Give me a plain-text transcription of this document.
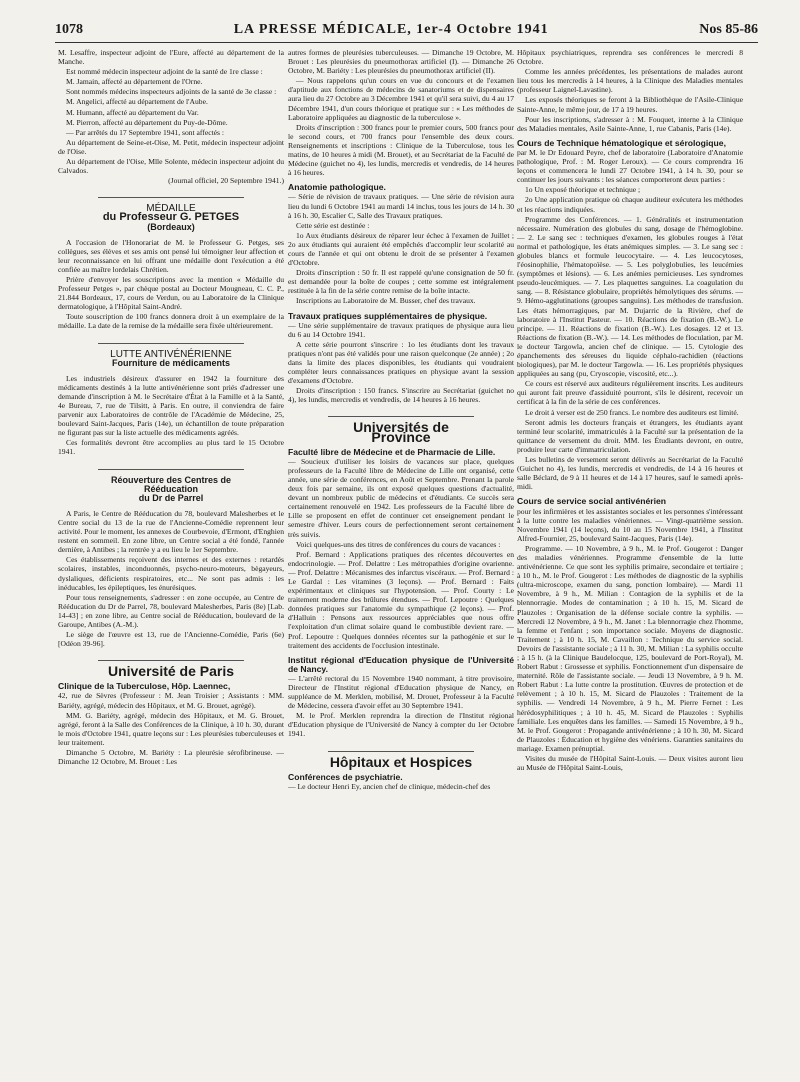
1078	LA PRESSE MÉDICALE, 1er-4 Octobre 1941	Nos 85-86

M. Lesaffre, inspecteur adjoint de l'Eure, affecté au département de la Manche.

Est nommé médecin inspecteur adjoint de la santé de 1re classe :

M. Jamain, affecté au département de l'Orne.

Sont nommés médecins inspecteurs adjoints de la santé de 3e classe :

M. Angelici, affecté au département de l'Aube.

M. Humann, affecté au département du Var.

M. Pierron, affecté au département du Puy-de-Dôme.

— Par arrêtés du 17 Septembre 1941, sont affectés :

Au département de Seine-et-Oise, M. Petit, médecin inspecteur adjoint de l'Oise.

Au département de l'Oise, Mlle Solente, médecin inspecteur adjoint du Calvados.

(Journal officiel, 20 Septembre 1941.)

MÉDAILLE
du Professeur G. PETGES
(Bordeaux)

A l'occasion de l'Honorariat de M. le Professeur G. Petges, ses collègues, ses élèves et ses amis ont pensé lui témoigner leur affection et leur reconnaissance en lui offrant une médaille dont l'exécution a été confiée au maître lordelais Chrétien.

Prière d'envoyer les souscriptions avec la mention « Médaille du Professeur Petges », par chèque postal au Docteur Mougneau, C. C. P., 21.844 Bordeaux, 17, cours de Verdun, ou au Laboratoire de la Clinique dermatologique, à l'Hôpital Saint-André.

Toute souscription de 100 francs donnera droit à un exemplaire de la médaille. La date de la remise de la médaille sera fixée ultérieurement.

LUTTE ANTIVÉNÉRIENNE
Fourniture de médicaments

Les industriels désireux d'assurer en 1942 la fourniture des médicaments destinés à la lutte antivénérienne sont priés d'adresser une demande d'inscription à M. le Secrétaire d'État à la Famille et à la Santé, 4e Bureau, 7, rue de Tilsitt, à Paris. En outre, il conviendra de faire parvenir aux Laboratoires de contrôle de l'Académie de Médecine, 25, boulevard Saint-Jacques, Paris (14e), un échantillon de toute préparation ne figurant pas sur la liste actuelle des médicaments agréés.

Ces formalités devront être accomplies au plus tard le 15 Octobre 1941.

Réouverture des Centres de Rééducation
du Dr de Parrel

A Paris, le Centre de Rééducation du 78, boulevard Malesherbes et le Centre social du 13 de la rue de l'Ancienne-Comédie reprennent leur activité. Pour le moment, les annexes de Courbevoie, d'Ermont, d'Enghien restent en sommeil. En zone libre, un Centre social a été fondé, l'année dernière, à Antibes ; la rentrée y a eu lieu le 1er Septembre.

Ces établissements reçoivent des internes et des externes : retardés scolaires, instables, inconduonnés, psycho-neuro-moteurs, bègayeurs, dyslaliques, déficients respiratoires, etc... Ne sont pas admis : les inéducables, les épileptiques, les énurésiques.

Pour tous renseignements, s'adresser : en zone occupée, au Centre de Rééducation du Dr de Parrel, 78, boulevard Malesherbes, Paris (8e) [Lab. 14-43] ; en zone libre, au Centre social de Rééducation, boulevard de la Garoupe, Antibes (A.-M.).

Le siège de l'œuvre est 13, rue de l'Ancienne-Comédie, Paris (6e) [Odéon 39-96].

Université de Paris
Clinique de la Tuberculose, Hôp. Laennec,

42, rue de Sèvres (Professeur : M. Jean Troisier ; Assistants : MM. Bariéty, agrégé, médecin des Hôpitaux, et M. G. Brouet, agrégé).

MM. G. Bariéty, agrégé, médecin des Hôpitaux, et M. G. Brouet, agrégé, feront à la Salle des Conférences de la Clinique, à 10 h. 30, durant le mois d'Octobre 1941, quatre leçons sur : Les pleurésies tuberculeuses et leur traitement.

Dimanche 5 Octobre, M. Bariéty : La pleurésie sérofibrineuse. — Dimanche 12 Octobre, M. Brouet : Les

autres formes de pleurésies tuberculeuses. — Dimanche 19 Octobre, M. Brouet : Les pleurésies du pneumothorax artificiel (I). — Dimanche 26 Octobre, M. Bariéty : Les pleurésies du pneumothorax artificiel (II).

— Nous rappelons qu'un cours en vue du concours et de l'examen d'aptitude aux fonctions de médecins de sanatoriums et de dispensaires aura lieu du 27 Octobre au 3 Décembre 1941 et qu'il sera suivi, du 4 au 17 Décembre 1941, d'un cours théorique et pratique sur : « Les méthodes de Laboratoire appliquées au diagnostic de la tuberculose ».

Droits d'inscription : 300 francs pour le premier cours, 500 francs pour le second cours, et 700 francs pour l'ensemble des deux cours. Renseignements et inscriptions : Clinique de la Tuberculose, tous les matins, de 10 heures à midi (M. Brouet), et au Secrétariat de la Faculté de Médecine (guichet no 4), les lundis, mercredis et vendredis, de 14 heures à 16 heures.

Anatomie pathologique.

— Série de révision de travaux pratiques. — Une série de révision aura lieu du lundi 6 Octobre 1941 au mardi 14 inclus, tous les jours de 14 h. 30 à 16 h. 30, Escalier C, Salle des Travaux pratiques.

Cette série est destinée :

1o Aux étudiants désireux de réparer leur échec à l'examen de Juillet ; 2o aux étudiants qui auraient été empêchés d'accomplir leur scolarité au cours de l'année et qui ont obtenu le droit de se présenter à l'examen d'Octobre.

Droits d'inscription : 50 fr. Il est rappelé qu'une consignation de 50 fr. est demandée pour la boîte de coupes ; cette somme est intégralement restituée à la fin de la série contre remise de la boîte intacte.

Inscriptions au Laboratoire de M. Busser, chef des travaux.

Travaux pratiques supplémentaires de physique.

— Une série supplémentaire de travaux pratiques de physique aura lieu du 6 au 14 Octobre 1941.

A cette série pourront s'inscrire : 1o les étudiants dont les travaux pratiques n'ont pas été validés pour une raison quelconque (2e année) ; 2o dans la limite des places disponibles, les étudiants qui voudraient compléter leurs connaissances pratiques en physique avant la session d'examens d'Octobre.

Droits d'inscription : 150 francs. S'inscrire au Secrétariat (guichet no 4), les lundis, mercredis et vendredis, de 14 heures à 16 heures.

Universités de Province
Faculté libre de Médecine et de Pharmacie de Lille.

— Soucieux d'utiliser les loisirs de vacances sur place, quelques professeurs de la Faculté libre de Médecine de Lille ont organisé, cette année, une série de conférences, en Août et Septembre. Prenant la parole deux fois par semaine, ils ont exposé quelques questions d'actualité, devant un nombreux public de médecins et d'étudiants. Ce succès sera certainement renouvelé en 1942. Les professeurs de la Faculté libre de Lille se proposent en effet de continuer cet enseignement pendant le semestre d'hiver. Leurs cours de perfectionnement seront certainement très suivis.

Voici quelques-uns des titres de conférences du cours de vacances :

Prof. Bernard : Applications pratiques des récentes découvertes en endocrinologie. — Prof. Delattre : Les métropathies d'origine ovarienne. — Prof. Delattre : Mécanismes des infarctus viscéraux. — Prof. Bernard : Le Gardal : Les vitamines (3 leçons). — Prof. Bernard : Faits expérimentaux et cliniques sur l'hypotension. — Prof. Courty : Le traitement moderne des brûlures étendues. — Prof. Lepoutre : Quelques données pratiques sur l'anatomie du sympathique (2 leçons). — Prof. d'Halluin : Pensons aux ressources appréciables que nous offre l'exploitation d'un climat solaire quand le combustible devient rare. — Prof. Lepoutre : Quelques données récentes sur la pathogénie et sur le traitement des accidents de l'occlusion intestinale.

Institut régional d'Education physique de l'Université de Nancy.

— L'arrêté rectoral du 15 Novembre 1940 nommant, à titre provisoire, Directeur de l'Institut régional d'Education physique de Nancy, en suppléance de M. Merklen, mobilisé, M. Drouet, Professeur à la Faculté de Médecine, cessera d'avoir effet au 30 Septembre 1941.

M. le Prof. Merklen reprendra la direction de l'Institut régional d'Education physique de l'Université de Nancy à compter du 1er Octobre 1941.

Hôpitaux et Hospices
Conférences de psychiatrie.

— Le docteur Henri Ey, ancien chef de clinique, médecin-chef des

Hôpitaux psychiatriques, reprendra ses conférences le mercredi 8 Octobre.

Comme les années précédentes, les présentations de malades auront lieu tous les mercredis à 14 heures, à la Clinique des Maladies mentales (professeur Laignel-Lavastine).

Les exposés théoriques se feront à la Bibliothèque de l'Asile-Clinique Sainte-Anne, le même jour, de 17 à 19 heures.

Pour les inscriptions, s'adresser à : M. Fouquet, interne à la Clinique des Maladies mentales, Asile Sainte-Anne, 1, rue Cabanis, Paris (14e).

Cours de Technique hématologique et sérologique,

par M. le Dr Edouard Peyre, chef de laboratoire (Laboratoire d'Anatomie pathologique, Prof. : M. Roger Leroux). — Ce cours comprendra 16 leçons et commencera le lundi 27 Octobre 1941, à 14 h. 30, pour se continuer les jours suivants : les séances comporteront deux parties :

1o Un exposé théorique et technique ;

2o Une application pratique où chaque auditeur exécutera les méthodes et les réactions indiquées.

Programme des Conférences. — 1. Généralités et instrumentation nécessaire. Numération des globules du sang, dosage de l'hémoglobine. — 2. Le sang sec : techniques d'examen, les globules rouges à l'état normal et pathologique, les états anémiques simples. — 3. Le sang sec : globules blancs et formule leucocytaire. — 4. Les leucocytoses, l'éosinophilie, l'hématopoïèse. — 5. Les polyglobulies, les leucémies (symptômes et lésions). — 6. Les anémies pernicieuses. Les syndromes pseudo-leucémiques. — 7. Les plaquettes sanguines. La coagulation du sang. — 8. Résistance globulaire, propriétés hémolytiques des sérums. — 9. Hémo-agglutinations (groupes sanguins). Les méthodes de transfusion. Les états hémorragiques, par M. Dujarric de la Rivière, chef de laboratoire à l'Institut Pasteur. — 10. Réactions de fixation (B.-W.). Le principe. — 11. Réactions de fixation (B.-W.). Les dosages. 12 et 13. Réactions de fixation (B.-W.). — 14. Les méthodes de floculation, par M. le docteur Targowla, ancien chef de clinique. — 15. Cytologie des épanchements des séreuses du liquide céphalo-rachidien (réactions biologiques), par M. le docteur Targowla. — 16. Les propriétés physiques appliquées au sang (pu, Cryoscopie, viscosité, etc...).

Ce cours est réservé aux auditeurs régulièrement inscrits. Les auditeurs qui auront fait preuve d'assiduité pourront, s'ils le désirent, recevoir un certificat à la fin de la série de ces conférences.

Le droit à verser est de 250 francs. Le nombre des auditeurs est limité.

Seront admis les docteurs français et étrangers, les étudiants ayant terminé leur scolarité, immatriculés à la Faculté sur la présentation de la quittance de versement du droit. MM. les Étudiants devront, en outre, produire leur carte d'immatriculation.

Les bulletins de versement seront délivrés au Secrétariat de la Faculté (Guichet no 4), les lundis, mercredis et vendredis, de 14 à 16 heures et salle Béclard, de 9 à 11 heures et de 14 à 17 heures, sauf le samedi après-midi.

Cours de service social antivénérien

pour les infirmières et les assistantes sociales et les personnes s'intéressant à la lutte contre les maladies vénériennes. — Vingt-quatrième session. Novembre 1941 (14 leçons), du 10 au 15 Novembre 1941, à l'Institut Alfred-Fournier, 25, boulevard Saint-Jacques, Paris (14e).

Programme. — 10 Novembre, à 9 h., M. le Prof. Gougerot : Danger des maladies vénériennes. Programme d'ensemble de la lutte antivénérienne. Ce que sont les syphilis primaire, secondaire et tertiaire ; à 10 h., M. le Prof. Gougerot : Les méthodes de diagnostic de la syphilis (ultra-microscope, examen du sang, ponction lombaire). — Mardi 11 Novembre, à 9 h., M. Milian : Contagion de la syphilis et de la blennorragie. Modes de contamination ; à 10 h. 15, M. Sicard de Plauzoles : Organisation de la défense sociale contre la syphilis. — Mercredi 12 Novembre, à 9 h., M. Janet : La blennorragie chez l'homme, la femme et l'enfant ; son importance sociale. Moyens de diagnostic. Traitement ; à 10 h. 15, M. Cavaillon : Technique du service social. Devoirs de l'assistante sociale ; à 11 h. 30, M. Milian : La syphilis occulte ; à 15 h. (à la Clinique Baudelocque, 125, boulevard de Port-Royal), M. Robert Rabut : Grossesse et syphilis. Fonctionnement d'un dispensaire de maternité. Rôle de l'assistante sociale. — Jeudi 13 Novembre, à 9 h. M. Robert Rabut : La lutte contre la prostitution. Œuvres de protection et de relèvement ; à 10 h. 15, M. Sicard de Plauzoles : Traitement de la syphilis. — Vendredi 14 Novembre, à 9 h., M. Pierre Fernet : Les hérédosyphilitiques ; à 10 h. 45, M. Sicard de Plauzoles : Syphilis familiale. Les enquêtes dans les familles. — Samedi 15 Novembre, à 9 h., M. le Prof. Gougerot : Propagande antivénérienne ; à 10 h. 30, M. Sicard de Plauzoles : Éducation et hygiène des vénériens. Garanties sanitaires du mariage. Examen prénuptial.

Visites du musée de l'Hôpital Saint-Louis. — Deux visites auront lieu au Musée de l'Hôpital Saint-Louis,
